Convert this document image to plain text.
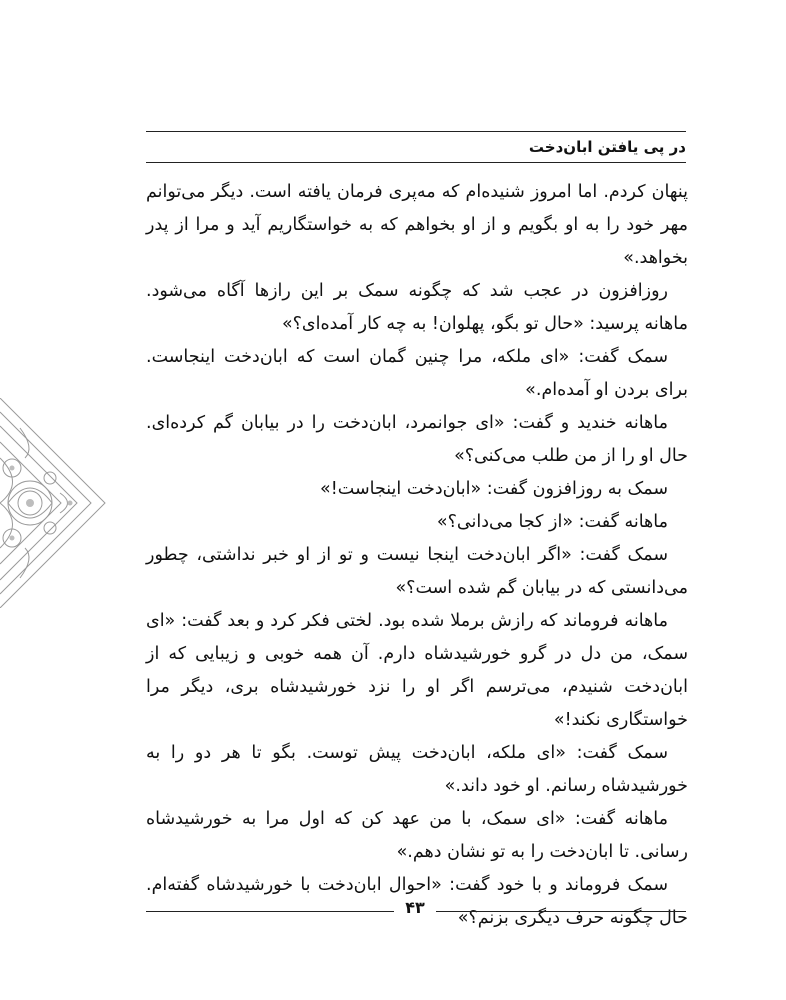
در پی یافتن ابان‌دخت

پنهان کردم. اما امروز شنیده‌ام که مه‌پری فرمان یافته است. دیگر می‌توانم مهر خود را به او بگویم و از او بخواهم که به خواستگاریم آید و مرا از پدر بخواهد.»

روزافزون در عجب شد که چگونه سمک بر این رازها آگاه می‌شود. ماهانه پرسید: «حال تو بگو، پهلوان! به چه کار آمده‌ای؟»

سمک گفت: «ای ملکه، مرا چنین گمان است که ابان‌دخت اینجاست. برای بردن او آمده‌ام.»

ماهانه خندید و گفت: «ای جوانمرد، ابان‌دخت را در بیابان گم کرده‌ای. حال او را از من طلب می‌کنی؟»

سمک به روزافزون گفت: «ابان‌دخت اینجاست!»

ماهانه گفت: «از کجا می‌دانی؟»

سمک گفت: «اگر ابان‌دخت اینجا نیست و تو از او خبر نداشتی، چطور می‌دانستی که در بیابان گم شده است؟»

ماهانه فروماند که رازش برملا شده بود. لختی فکر کرد و بعد گفت: «ای سمک، من دل در گرو خورشیدشاه دارم. آن همه خوبی و زیبایی که از ابان‌دخت شنیدم، می‌ترسم اگر او را نزد خورشیدشاه بری، دیگر مرا خواستگاری نکند!»

سمک گفت: «ای ملکه، ابان‌دخت پیش توست. بگو تا هر دو را به خورشیدشاه رسانم. او خود داند.»

ماهانه گفت: «ای سمک، با من عهد کن که اول مرا به خورشیدشاه رسانی. تا ابان‌دخت را به تو نشان دهم.»

سمک فروماند و با خود گفت: «احوال ابان‌دخت با خورشیدشاه گفته‌ام. حال چگونه حرف دیگری بزنم؟»

۴۳
